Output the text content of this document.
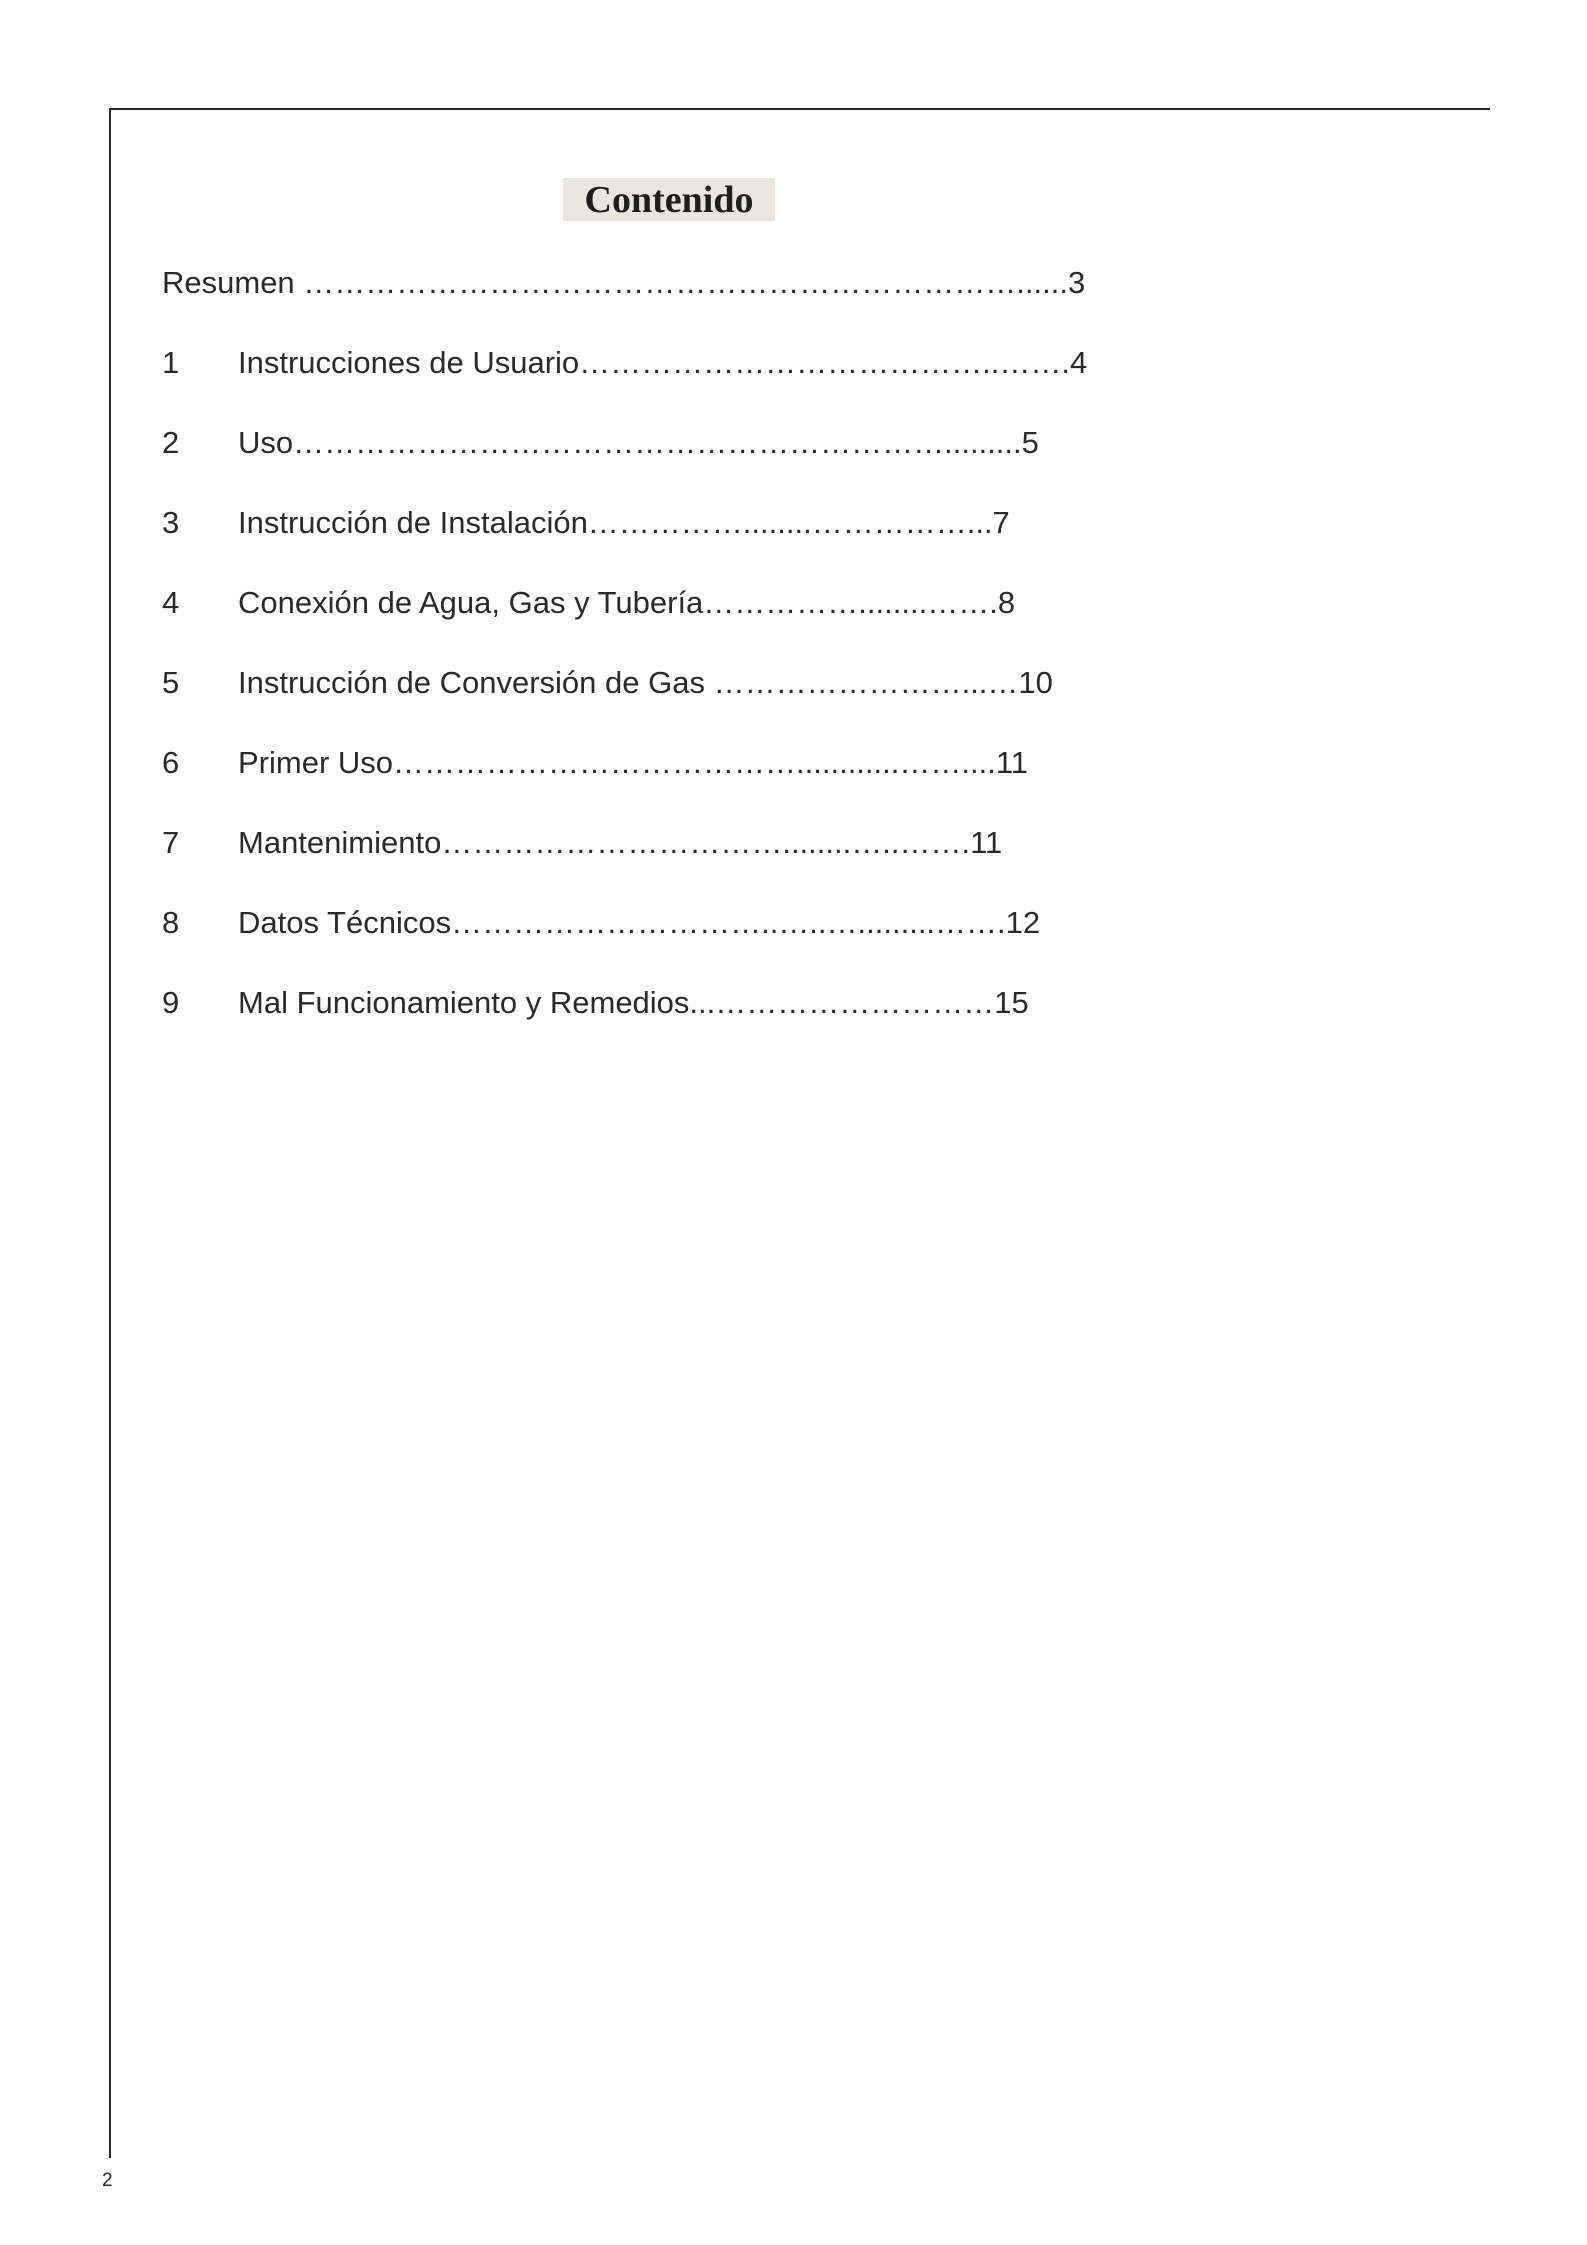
Contenido
Resumen ……………………………………………………………......3
1 Instrucciones de Usuario…………………………………..…….4
2 Uso……………………………………………………….........5
3 Instrucción de Instalación……………........……………...7
4 Conexión de Agua, Gas y Tubería……………........…….8
5 Instrucción de Conversión de Gas ……………………...…10
6 Primer Uso…………………………………............……....11
7 Mantenimiento……………………………........…..…….11
8 Datos Técnicos…………………………..…..….........…….12
9 Mal Funcionamiento y Remedios...………………………15
2
